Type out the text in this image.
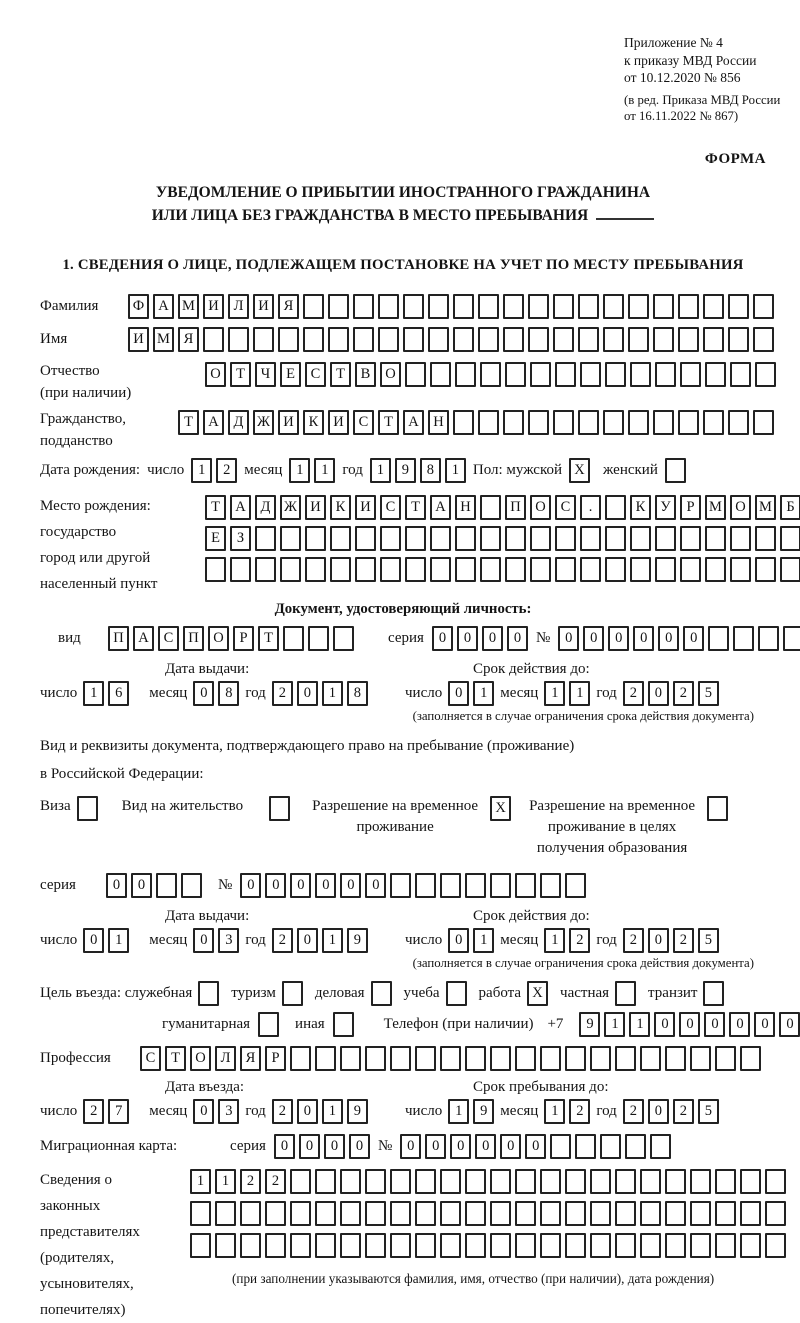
Приложение № 4
к приказу МВД России
от 10.12.2020 № 856
(в ред. Приказа МВД России
от 16.11.2022 № 867)
ФОРМА
УВЕДОМЛЕНИЕ О ПРИБЫТИИ ИНОСТРАННОГО ГРАЖДАНИНА
ИЛИ ЛИЦА БЕЗ ГРАЖДАНСТВА В МЕСТО ПРЕБЫВАНИЯ
1. СВЕДЕНИЯ О ЛИЦЕ, ПОДЛЕЖАЩЕМ ПОСТАНОВКЕ НА УЧЕТ ПО МЕСТУ ПРЕБЫВАНИЯ
Фамилия	Ф А М И	Л	И	Я
Имя	И М Я
Отчество
(при наличии)
О	Т	Ч	Е	С	Т	В	О
Гражданство,
подданство
Т	А	Д Ж И	К	И	С	Т	А	Н
Дата рождения: число 1	2 месяц 1	1 год 1	9	8	1 Пол: мужской X	женский
Место рождения:
государство
город или другой
населенный пункт
Т	А	Д Ж И	К	И	С	Т	А	Н	П	О	С	.	К	У	Р	М О М Б
Е	З
Документ, удостоверяющий личность:
вид	П	А	С	П	О	Р	Т	серия	0	0	0	0 №	0	0	0	0	0	0
Дата выдачи:
число 1	6	месяц 0	8 год 2	0	1	8
Срок действия до:
число 0	1 месяц 1	1 год 2	0	2	5
(заполняется в случае ограничения срока действия документа)
Вид и реквизиты документа, подтверждающего право на пребывание (проживание)
в Российской Федерации:
Виза	Вид на жительство	Разрешение на временное
проживание
X	Разрешение на временное
проживание в целях
получения образования
серия	0	0	№	0	0	0	0	0	0
Дата выдачи:
число 0	1	месяц 0	3 год 2	0	1	9
Срок действия до:
число 0	1 месяц 1	2 год 2	0	2	5
(заполняется в случае ограничения срока действия документа)
Цель въезда: служебная	туризм	деловая	учеба	работа X	частная	транзит
гуманитарная	иная	Телефон (при наличии) +7	9	1	1	0	0	0	0	0	0
Профессия	С	Т	О	Л	Я	Р
Дата въезда:
число 2	7	месяц 0	3 год 2	0	1	9
Срок пребывания до:
число 1	9 месяц 1	2 год 2	0	2	5
Миграционная карта:	серия	0	0	0	0 №	0	0	0	0	0	0
Сведения о
законных
представителях
(родителях,
усыновителях,
попечителях)
1	1	2	2
(при заполнении указываются фамилия, имя, отчество (при наличии), дата рождения)
